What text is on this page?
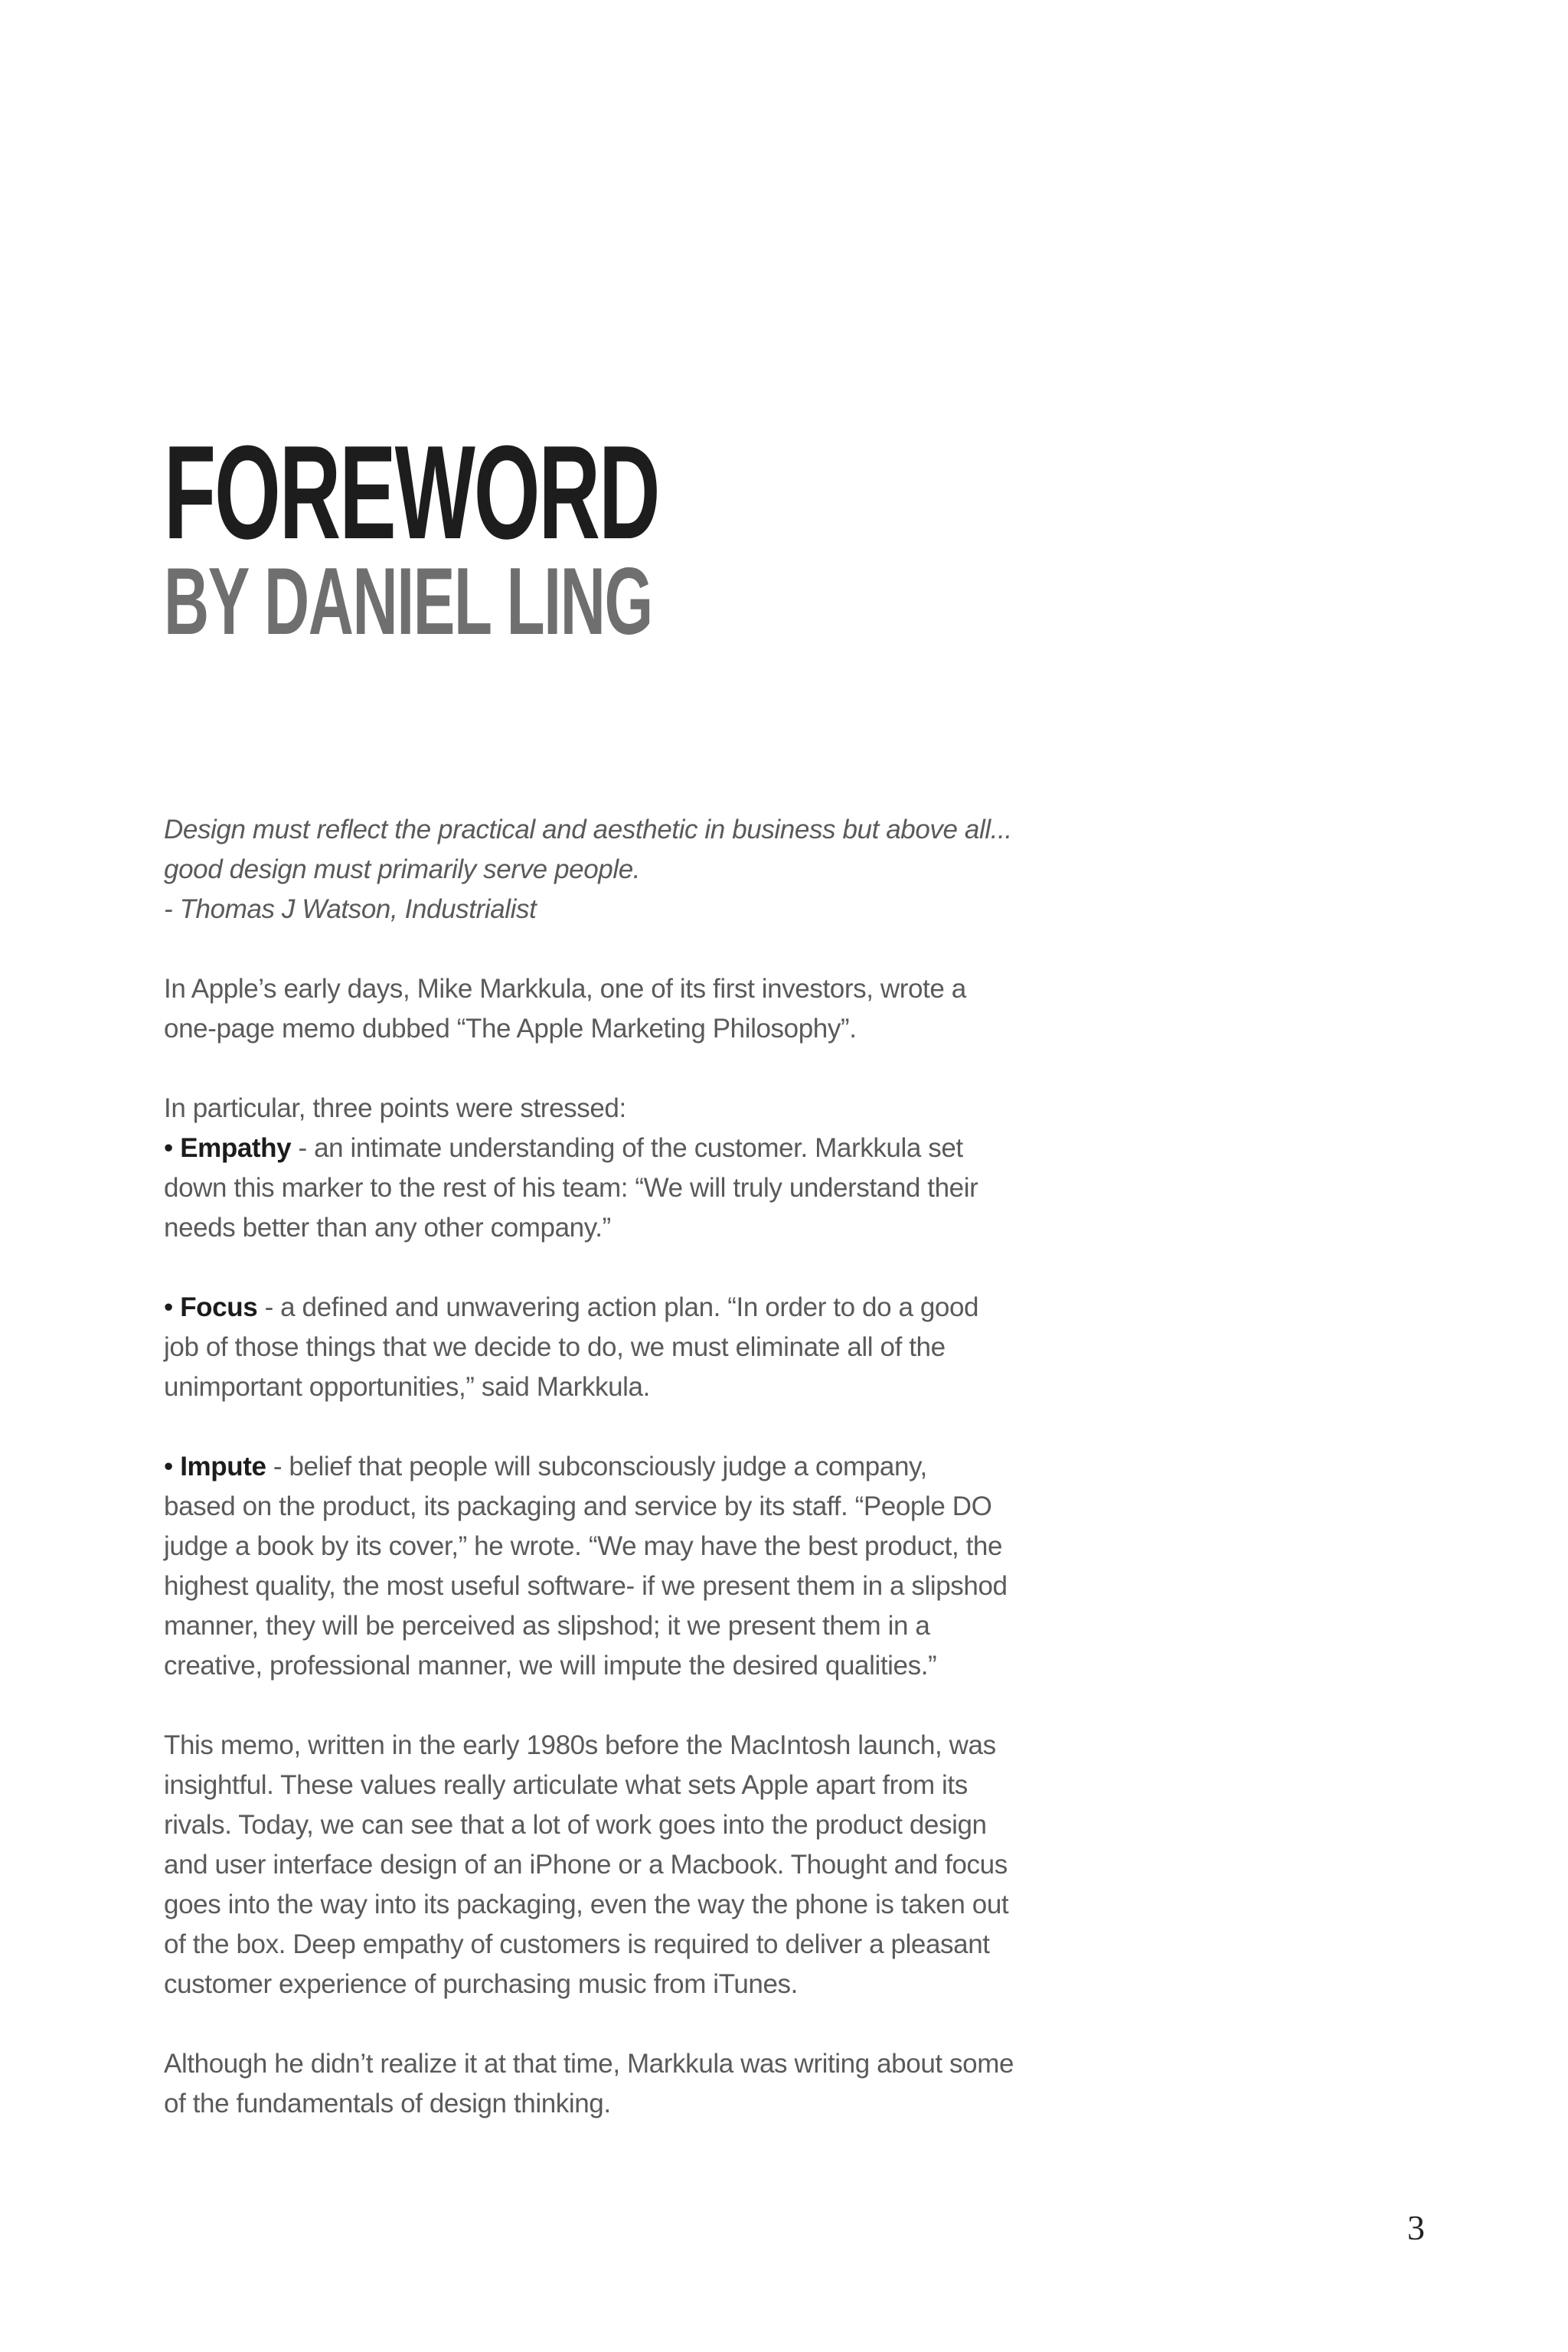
FOREWORD
BY DANIEL LING

Design must reflect the practical and aesthetic in business but above all...
good design must primarily serve people.
- Thomas J Watson, Industrialist

In Apple’s early days, Mike Markkula, one of its first investors, wrote a
one-page memo dubbed “The Apple Marketing Philosophy”.

In particular, three points were stressed:

• Empathy - an intimate understanding of the customer. Markkula set
down this marker to the rest of his team: “We will truly understand their
needs better than any other company.”

• Focus - a defined and unwavering action plan. “In order to do a good
job of those things that we decide to do, we must eliminate all of the
unimportant opportunities,” said Markkula.

• Impute - belief that people will subconsciously judge a company,
based on the product, its packaging and service by its staff. “People DO
judge a book by its cover,” he wrote. “We may have the best product, the
highest quality, the most useful software- if we present them in a slipshod
manner, they will be perceived as slipshod; it we present them in a
creative, professional manner, we will impute the desired qualities.”

This memo, written in the early 1980s before the MacIntosh launch, was
insightful. These values really articulate what sets Apple apart from its
rivals. Today, we can see that a lot of work goes into the product design
and user interface design of an iPhone or a Macbook. Thought and focus
goes into the way into its packaging, even the way the phone is taken out
of the box. Deep empathy of customers is required to deliver a pleasant
customer experience of purchasing music from iTunes.

Although he didn’t realize it at that time, Markkula was writing about some
of the fundamentals of design thinking.

3
